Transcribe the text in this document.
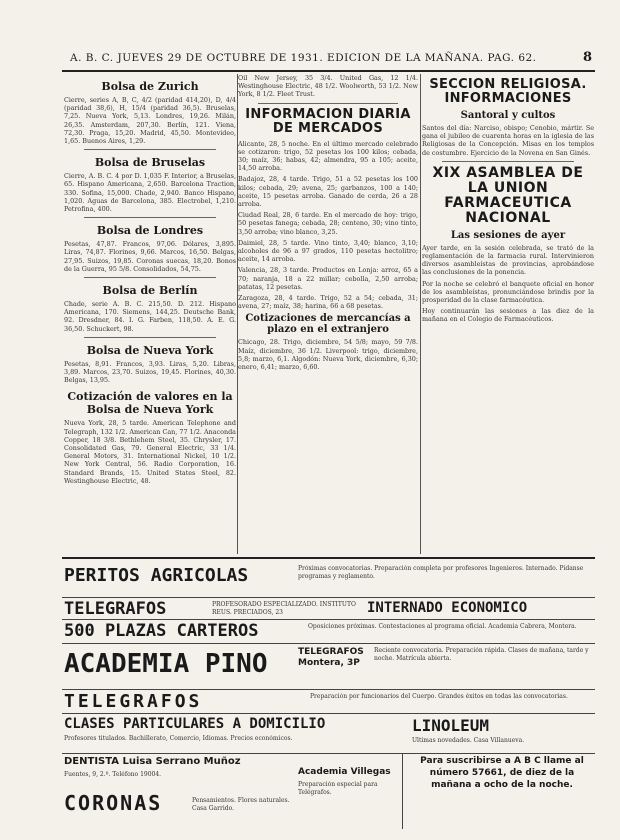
A. B. C. JUEVES 29 DE OCTUBRE DE 1931. EDICION DE LA MAÑANA. PAG. 62.	8
Bolsa de Zurich

Cierre, series A, B, C, 4/2 (paridad 414,20), D, 4/4 (paridad 38,6), H, 15/4 (paridad 36,5). Bruselas, 7,25. Nueva York, 5,13. Londres, 19,26. Milán, 26,35. Amsterdam, 207,30. Berlín, 121. Viena, 72,30. Praga, 15,20. Madrid, 45,50. Montevideo, 1,65. Buenos Aires, 1,29.

Bolsa de Bruselas

Cierre, A. B. C. 4 por D. 1,035 F. Interior, a Bruselas, 65. Hispano Americana, 2,650. Barcelona Traction, 330. Sofina, 15,000. Chade, 2,940. Banco Hispano, 1,020. Aguas de Barcelona, 385. Electrobel, 1,210. Petrofina, 400.

Bolsa de Londres

Pesetas, 47,87. Francos, 97,06. Dólares, 3,895. Liras, 74,87. Florines, 9,66. Marcos, 16,50. Belgas, 27,95. Suizos, 19,85. Coronas suecas, 18,20. Bonos de la Guerra, 95 5/8. Consolidados, 54,75.

Bolsa de Berlín

Chade, serie A. B. C. 215,50. D. 212. Hispano Americana, 170. Siemens, 144,25. Deutsche Bank, 92. Dresdner, 84. I. G. Farben, 118,50. A. E. G. 36,50. Schuckert, 98.

Bolsa de Nueva York

Pesetas, 8,91. Francos, 3,93. Liras, 5,20. Libras, 3,89. Marcos, 23,70. Suizos, 19,45. Florines, 40,30. Belgas, 13,95.

Cotización de valores en la Bolsa de Nueva York

Nueva York, 28, 5 tarde. American Telephone and Telegraph, 132 1/2. American Can, 77 1/2. Anaconda Copper, 18 3/8. Bethlehem Steel, 35. Chrysler, 17. Consolidated Gas, 79. General Electric, 33 1/4. General Motors, 31. International Nickel, 10 1/2. New York Central, 56. Radio Corporation, 16. Standard Brands, 15. United States Steel, 82. Westinghouse Electric, 48.

Oil New Jersey, 35 3/4. United Gas, 12 1/4. Westinghouse Electric, 48 1/2. Woolworth, 53 1/2. New York, 8 1/2. Fleet Trust.

INFORMACION DIARIA DE MERCADOS

Alicante, 28, 5 noche. En el último mercado celebrado se cotizaron: trigo, 52 pesetas los 100 kilos; cebada, 30; maíz, 36; habas, 42; almendra, 95 a 105; aceite, 14,50 arroba.

Badajoz, 28, 4 tarde. Trigo, 51 a 52 pesetas los 100 kilos; cebada, 29; avena, 25; garbanzos, 100 a 140; aceite, 15 pesetas arroba. Ganado de cerda, 26 a 28 arroba.

Ciudad Real, 28, 6 tarde. En el mercado de hoy: trigo, 50 pesetas fanega; cebada, 28; centeno, 30; vino tinto, 3,50 arroba; vino blanco, 3,25.

Daimiel, 28, 5 tarde. Vino tinto, 3,40; blanco, 3,10; alcoholes de 96 a 97 grados, 110 pesetas hectolitro; aceite, 14 arroba.

Valencia, 28, 3 tarde. Productos en Lonja: arroz, 65 a 70; naranja, 18 a 22 millar; cebolla, 2,50 arroba; patatas, 12 pesetas.

Zaragoza, 28, 4 tarde. Trigo, 52 a 54; cebada, 31; avena, 27; maíz, 38; harina, 66 a 68 pesetas.

Cotizaciones de mercancías a plazo en el extranjero

Chicago, 28. Trigo, diciembre, 54 5/8; mayo, 59 7/8. Maíz, diciembre, 36 1/2. Liverpool: trigo, diciembre, 5,8; marzo, 6,1. Algodón: Nueva York, diciembre, 6,30; enero, 6,41; marzo, 6,60.

SECCION RELIGIOSA. INFORMACIONES
Santoral y cultos

Santos del día: Narciso, obispo; Cenobio, mártir. Se gana el jubileo de cuarenta horas en la iglesia de las Religiosas de la Concepción. Misas en los templos de costumbre. Ejercicio de la Novena en San Ginés.

XIX ASAMBLEA DE LA UNION FARMACEUTICA NACIONAL
Las sesiones de ayer

Ayer tarde, en la sesión celebrada, se trató de la reglamentación de la farmacia rural. Intervinieron diversos asambleístas de provincias, aprobándose las conclusiones de la ponencia.

Por la noche se celebró el banquete oficial en honor de los asambleístas, pronunciándose brindis por la prosperidad de la clase farmacéutica.

Hoy continuarán las sesiones a las diez de la mañana en el Colegio de Farmacéuticos.

PERITOS AGRICOLAS	Próximas convocatorias. Preparación completa por profesores Ingenieros. Internado. Pídanse programas y reglamento.
TELEGRAFOS	PROFESORADO ESPECIALIZADO. INSTITUTO REUS. PRECIADOS, 23	INTERNADO ECONOMICO
500 PLAZAS CARTEROS	Oposiciones próximas. Contestaciones al programa oficial. Academia Cabrera, Montera.
ACADEMIA PINO	TELEGRAFOS Montera, 3P
Reciente convocatoria. Preparación rápida. Clases de mañana, tarde y noche. Matrícula abierta.
TELEGRAFOS	Preparación por funcionarios del Cuerpo. Grandes éxitos en todas las convocatorias.
CLASES PARTICULARES A DOMICILIO
Profesores titulados. Bachillerato, Comercio, Idiomas. Precios económicos.
LINOLEUM
Ultimas novedades. Casa Villanueva.
DENTISTA Luisa Serrano Muñoz
Fuentes, 9, 2.º. Teléfono 19004.	Academia Villegas
Preparación especial para Telégrafos.
CORONAS	Pensamientos. Flores naturales. Casa Garrido.
Para suscribirse a A B C llame al número 57661, de diez de la mañana a ocho de la noche.
